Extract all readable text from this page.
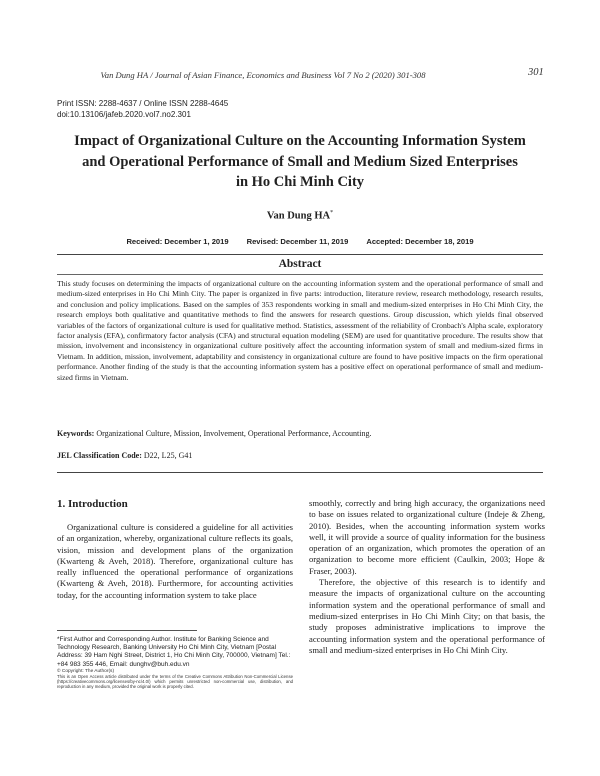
Van Dung HA / Journal of Asian Finance, Economics and Business Vol 7 No 2 (2020) 301-308	301
Print ISSN: 2288-4637 / Online ISSN 2288-4645
doi:10.13106/jafeb.2020.vol7.no2.301
Impact of Organizational Culture on the Accounting Information System
and Operational Performance of Small and Medium Sized Enterprises
in Ho Chi Minh City
Van Dung HA*
Received: December 1, 2019 Revised: December 11, 2019 Accepted: December 18, 2019
Abstract

This study focuses on determining the impacts of organizational culture on the accounting information system and the operational performance of small and medium-sized enterprises in Ho Chi Minh City. The paper is organized in five parts: introduction, literature review, research methodology, research results, and conclusion and policy implications. Based on the samples of 353 respondents working in small and medium-sized enterprises in Ho Chi Minh City, the research employs both qualitative and quantitative methods to find the answers for research questions. Group discussion, which yields final observed variables of the factors of organizational culture is used for qualitative method. Statistics, assessment of the reliability of Cronbach's Alpha scale, exploratory factor analysis (EFA), confirmatory factor analysis (CFA) and structural equation modeling (SEM) are used for quantitative procedure. The results show that mission, involvement and inconsistency in organizational culture positively affect the accounting information system of small and medium-sized firms in Vietnam. In addition, mission, involvement, adaptability and consistency in organizational culture are found to have positive impacts on the firm operational performance. Another finding of the study is that the accounting information system has a positive effect on operational performance of small and medium-sized firms in Vietnam.

Keywords: Organizational Culture, Mission, Involvement, Operational Performance, Accounting.
JEL Classification Code: D22, L25, G41
1. Introduction

Organizational culture is considered a guideline for all activities of an organization, whereby, organizational culture reflects its goals, vision, mission and development plans of the organization (Kwarteng & Aveh, 2018). Therefore, organizational culture has really influenced the operational performance of organizations (Kwarteng & Aveh, 2018). Furthermore, for accounting activities today, for the accounting information system to take place

smoothly, correctly and bring high accuracy, the organizations need to base on issues related to organizational culture (Indeje & Zheng, 2010). Besides, when the accounting information system works well, it will provide a source of quality information for the business operation of an organization, which promotes the operation of an organization to become more efficient (Caulkin, 2003; Hope & Fraser, 2003).

Therefore, the objective of this research is to identify and measure the impacts of organizational culture on the accounting information system and the operational performance of small and medium-sized enterprises in Ho Chi Minh City; on that basis, the study proposes administrative implications to improve the accounting information system and the operational performance of small and medium-sized enterprises in Ho Chi Minh City.

*First Author and Corresponding Author. Institute for Banking Science and Technology Research, Banking University Ho Chi Minh City, Vietnam [Postal Address: 39 Ham Nghi Street, District 1, Ho Chi Minh City, 700000, Vietnam] Tel.: +84 983 355 446, Email: dunghv@buh.edu.vn

© Copyright: The Author(s)

This is an Open Access article distributed under the terms of the Creative Commons Attribution Non-Commercial License (https://creativecommons.org/licenses/by-nc/4.0/) which permits unrestricted non-commercial use, distribution, and reproduction in any medium, provided the original work is properly cited.
